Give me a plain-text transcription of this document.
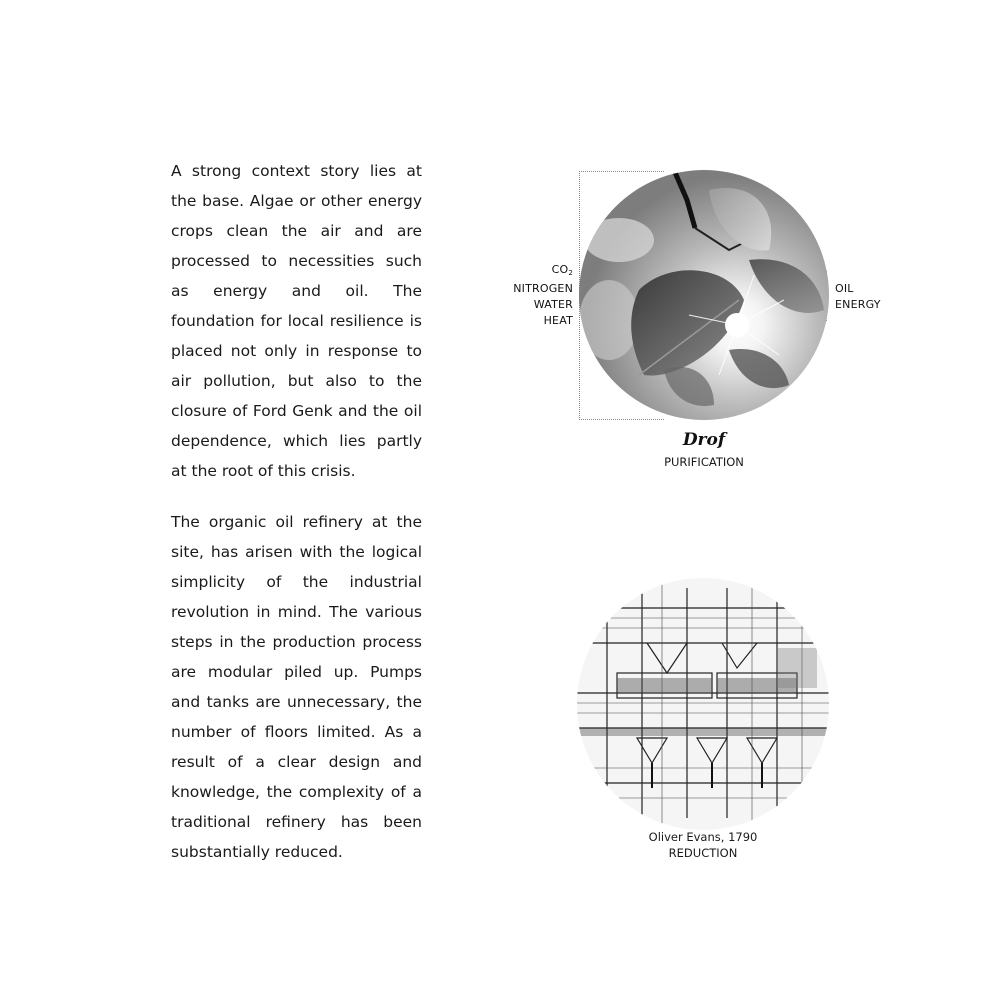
A strong context story lies at the base. Algae or other energy crops clean the air and are processed to necessities such as energy and oil. The foundation for local resilience is placed not only in response to air pollution, but also to the closure of Ford Genk and the oil dependence, which lies partly at the root of this crisis.

The organic oil refinery at the site, has arisen with the logical simplicity of the industrial revolution in mind. The various steps in the production process are modular piled up. Pumps and tanks are unnecessary, the number of floors limited. As a result of a clear design and knowledge, the complexity of a traditional refinery has been substantially reduced.

$CO_2$
NITROGEN
WATER
HEAT
OIL
ENERGY
Drof
PURIFICATION
Oliver Evans, 1790
REDUCTION
